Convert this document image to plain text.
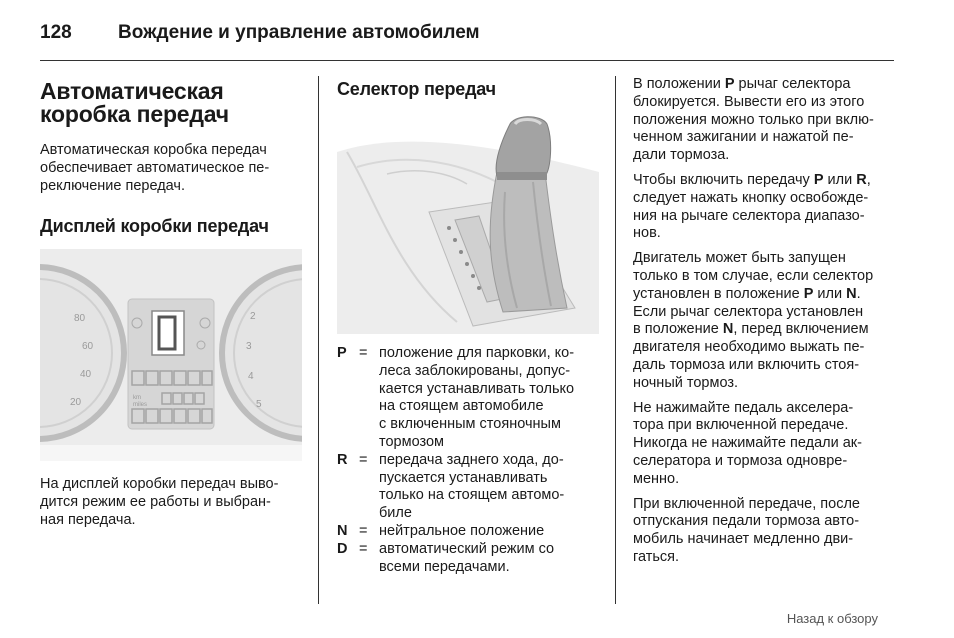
128 Вождение и управление автомобилем
Автоматическая
коробка передач

Автоматическая коробка передач
обеспечивает автоматическое пе-
реключение передач.

Дисплей коробки передач
80
60
40
20
2
3
4
5
km
miles

На дисплей коробки передач выво-
дится режим ее работы и выбран-
ная передача.

Селектор передач
P = положение для парковки, ко-
леса заблокированы, допус-
кается устанавливать только
на стоящем автомобиле
с включенным стояночным
тормозом
R = передача заднего хода, до-
пускается устанавливать
только на стоящем автомо-
биле
N = нейтральное положение
D = автоматический режим со
всеми передачами.

В положении P рычаг селектора
блокируется. Вывести его из этого
положения можно только при вклю-
ченном зажигании и нажатой пе-
дали тормоза.

Чтобы включить передачу P или R,
следует нажать кнопку освобожде-
ния на рычаге селектора диапазо-
нов.

Двигатель может быть запущен
только в том случае, если селектор
установлен в положение P или N.
Если рычаг селектора установлен
в положение N, перед включением
двигателя необходимо выжать пе-
даль тормоза или включить стоя-
ночный тормоз.

Не нажимайте педаль акселера-
тора при включенной передаче.
Никогда не нажимайте педали ак-
селератора и тормоза одновре-
менно.

При включенной передаче, после
отпускания педали тормоза авто-
мобиль начинает медленно дви-
гаться.

Назад к обзору
